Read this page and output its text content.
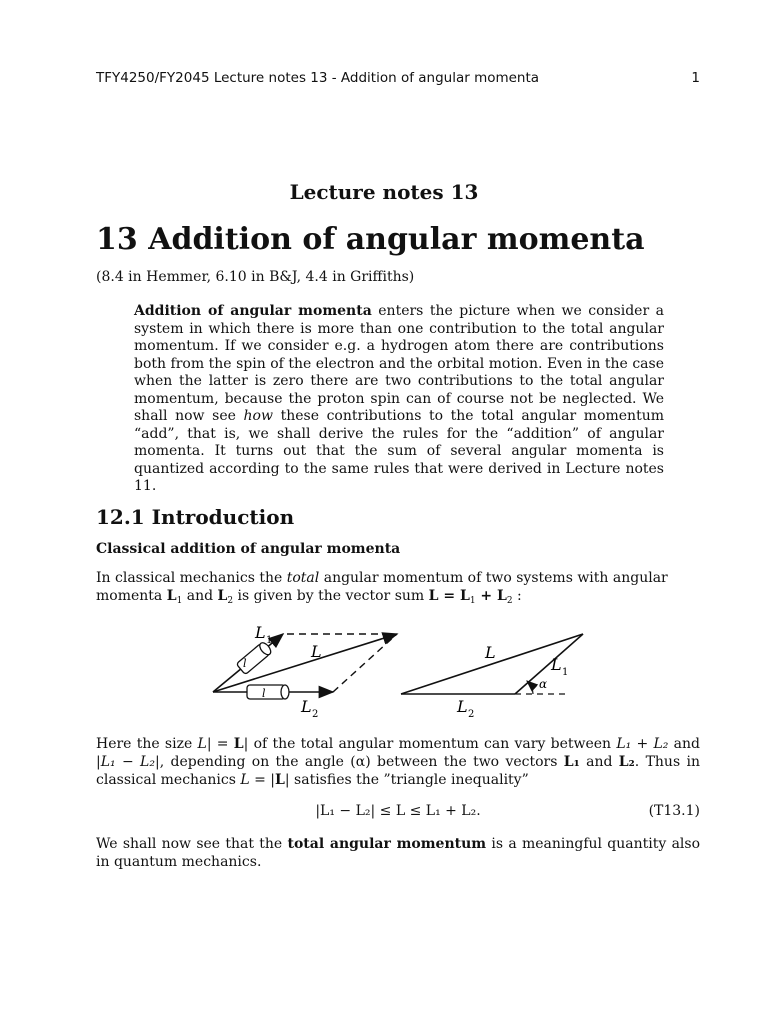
TFY4250/FY2045 Lecture notes 13 - Addition of angular momenta	1
Lecture notes 13
13 Addition of angular momenta
(8.4 in Hemmer, 6.10 in B&J, 4.4 in Griffiths)
Addition of angular momenta enters the picture when we consider a system in which there is more than one contribution to the total angular momentum. If we consider e.g. a hydrogen atom there are contributions both from the spin of the electron and the orbital motion. Even in the case when the latter is zero there are two contributions to the total angular momentum, because the proton spin can of course not be neglected. We shall now see how these contributions to the total angular momentum “add”, that is, we shall derive the rules for the “addition” of angular momenta. It turns out that the sum of several angular momenta is quantized according to the same rules that were derived in Lecture notes 11.
12.1 Introduction
Classical addition of angular momenta
In classical mechanics the total angular momentum of two systems with angular momenta $L_1$ and $L_2$ is given by the vector sum $L = L_1 + L_2$ :
l
l
L 1
L
L 2
α
L
L 1
L 2
Here the size L| = L| of the total angular momentum can vary between L₁ + L₂ and |L₁ − L₂|, depending on the angle (α) between the two vectors L₁ and L₂. Thus in classical mechanics L = |L| satisfies the ”triangle inequality”
|L₁ − L₂| ≤ L ≤ L₁ + L₂.	(T13.1)
We shall now see that the total angular momentum is a meaningful quantity also in quantum mechanics.
